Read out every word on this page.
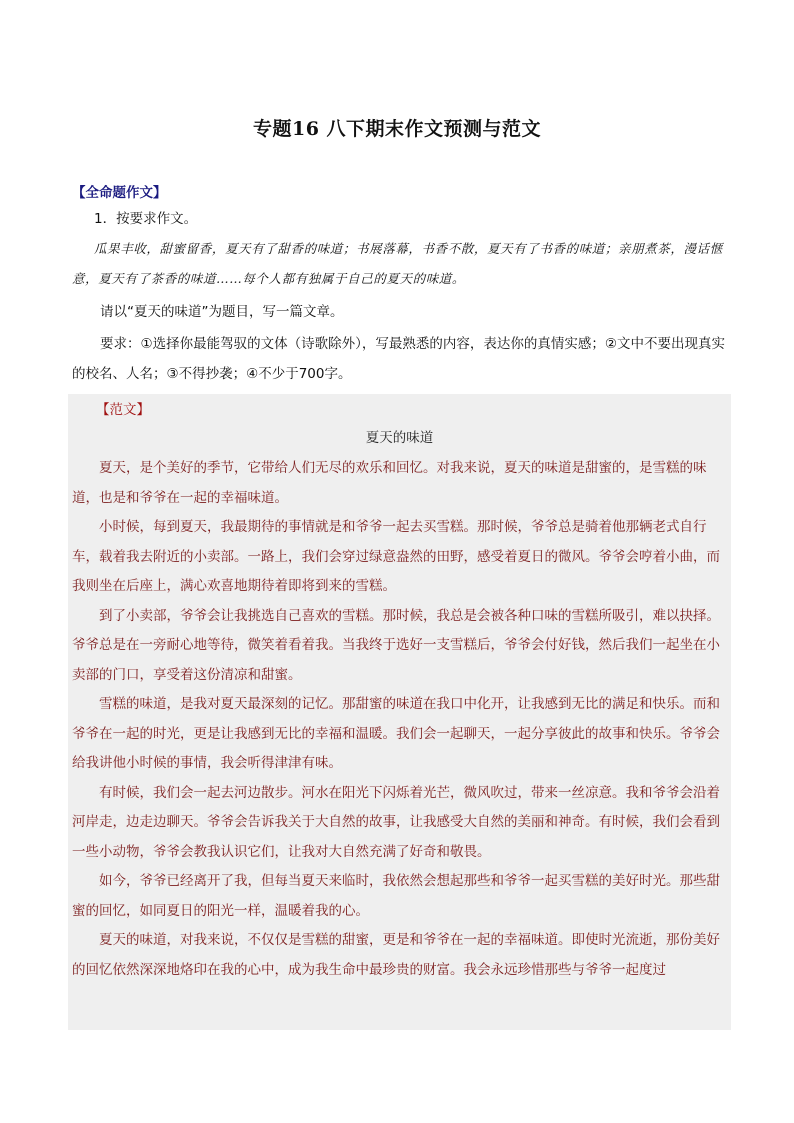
专题16 八下期末作文预测与范文
【全命题作文】
1．按要求作文。
瓜果丰收，甜蜜留香，夏天有了甜香的味道；书展落幕，书香不散，夏天有了书香的味道；亲朋煮茶，漫话惬意，夏天有了茶香的味道……每个人都有独属于自己的夏天的味道。
请以“夏天的味道”为题目，写一篇文章。
要求：①选择你最能驾驭的文体（诗歌除外），写最熟悉的内容，表达你的真情实感；②文中不要出现真实的校名、人名；③不得抄袭；④不少于700字。
【范文】
夏天的味道

夏天，是个美好的季节，它带给人们无尽的欢乐和回忆。对我来说，夏天的味道是甜蜜的，是雪糕的味道，也是和爷爷在一起的幸福味道。

小时候，每到夏天，我最期待的事情就是和爷爷一起去买雪糕。那时候，爷爷总是骑着他那辆老式自行车，载着我去附近的小卖部。一路上，我们会穿过绿意盎然的田野，感受着夏日的微风。爷爷会哼着小曲，而我则坐在后座上，满心欢喜地期待着即将到来的雪糕。

到了小卖部，爷爷会让我挑选自己喜欢的雪糕。那时候，我总是会被各种口味的雪糕所吸引，难以抉择。爷爷总是在一旁耐心地等待，微笑着看着我。当我终于选好一支雪糕后，爷爷会付好钱，然后我们一起坐在小卖部的门口，享受着这份清凉和甜蜜。

雪糕的味道，是我对夏天最深刻的记忆。那甜蜜的味道在我口中化开，让我感到无比的满足和快乐。而和爷爷在一起的时光，更是让我感到无比的幸福和温暖。我们会一起聊天，一起分享彼此的故事和快乐。爷爷会给我讲他小时候的事情，我会听得津津有味。

有时候，我们会一起去河边散步。河水在阳光下闪烁着光芒，微风吹过，带来一丝凉意。我和爷爷会沿着河岸走，边走边聊天。爷爷会告诉我关于大自然的故事，让我感受大自然的美丽和神奇。有时候，我们会看到一些小动物，爷爷会教我认识它们，让我对大自然充满了好奇和敬畏。

如今，爷爷已经离开了我，但每当夏天来临时，我依然会想起那些和爷爷一起买雪糕的美好时光。那些甜蜜的回忆，如同夏日的阳光一样，温暖着我的心。

夏天的味道，对我来说，不仅仅是雪糕的甜蜜，更是和爷爷在一起的幸福味道。即使时光流逝，那份美好的回忆依然深深地烙印在我的心中，成为我生命中最珍贵的财富。我会永远珍惜那些与爷爷一起度过
